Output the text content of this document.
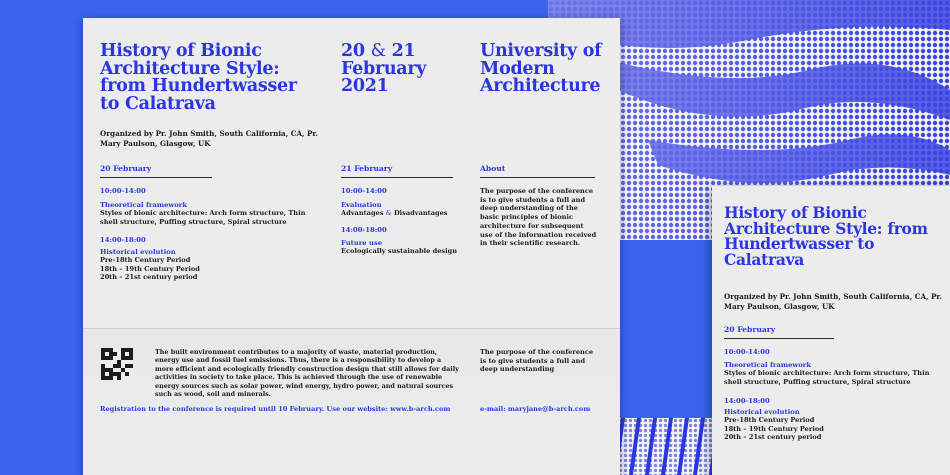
History of Bionic Architecture Style: from Hundertwasser to Calatrava
20 & 21
February
2021
University of Modern Architecture
Organized by Pr. John Smith, South California, CA, Pr. Mary Paulson, Glasgow, UK
20 February
10:00-14:00
Theoretical framework
Styles of bionic architecture: Arch form structure, Thin shell structure, Puffing structure, Spiral structure
14:00-18:00
Historical evolution
Pre-18th Century Period
18th – 19th Century Period
20th – 21st century period
21 February
10:00-14:00
Evaluation
Advantages & Disadvantages
14:00-18:00
Future use
Ecologically sustainable design
About
The purpose of the conference is to give students a full and deep understanding of the basic principles of bionic architecture for subsequent use of the information received in their scientific research.
The built environment contributes to a majority of waste, material production, energy use and fossil fuel emissions. Thus, there is a responsibility to develop a more efficient and ecologically friendly construction design that still allows for daily activities in society to take place. This is achieved through the use of renewable energy sources such as solar power, wind energy, hydro power, and natural sources such as wood, soil and minerals.
The purpose of the conference is to give students a full and deep understanding
Registration to the conference is required until 10 February. Use our website: www.b-arch.com	e-mail: maryjane@b-arch.com
History of Bionic Architecture Style: from Hundertwasser to Calatrava
Organized by Pr. John Smith, South California, CA, Pr. Mary Paulson, Glasgow, UK
20 February
10:00-14:00
Theoretical framework
Styles of bionic architecture: Arch form structure, Thin shell structure, Puffing structure, Spiral structure
14:00-18:00
Historical evolution
Pre-18th Century Period
18th – 19th Century Period
20th – 21st century period
